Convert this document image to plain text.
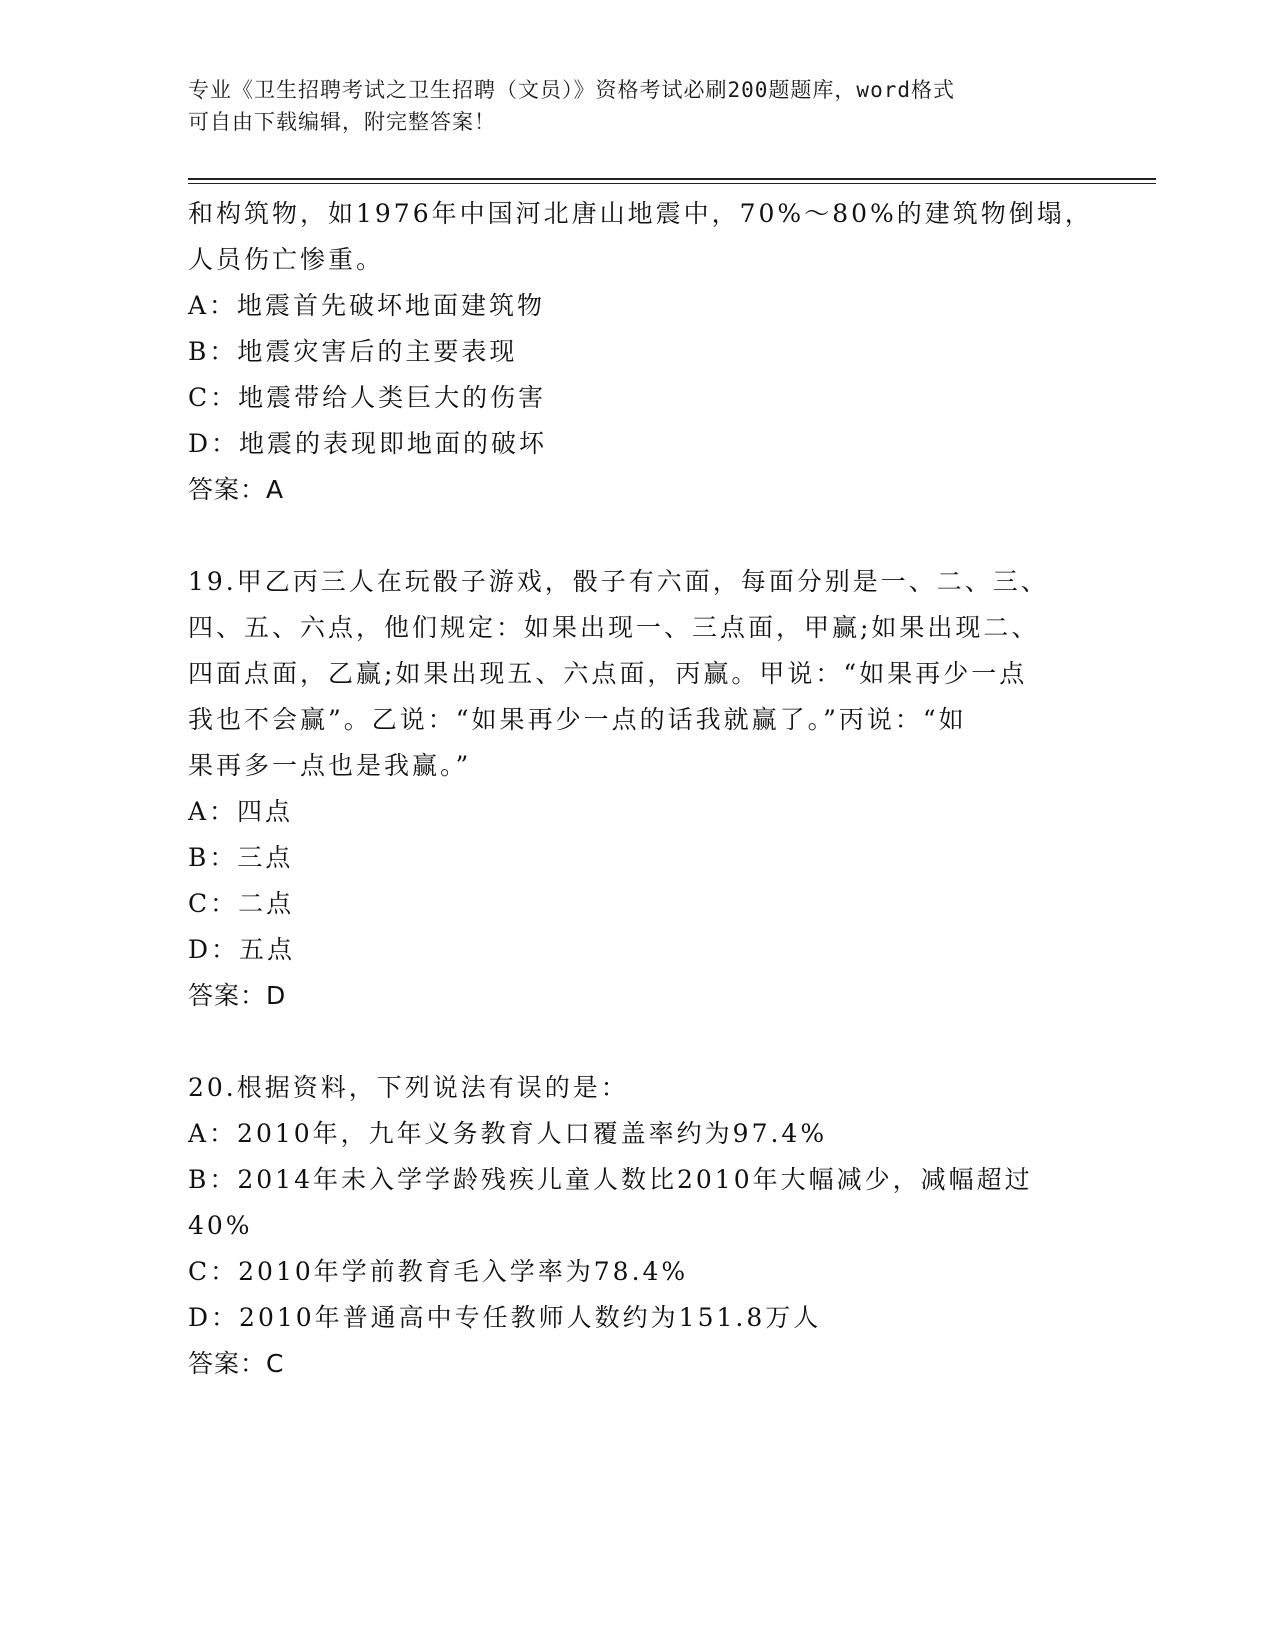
专业《卫生招聘考试之卫生招聘（文员）》资格考试必刷200题题库，word格式
可自由下载编辑，附完整答案！
和构筑物，如1976年中国河北唐山地震中，70%～80%的建筑物倒塌，
人员伤亡惨重。
A：地震首先破坏地面建筑物
B：地震灾害后的主要表现
C：地震带给人类巨大的伤害
D：地震的表现即地面的破坏
答案：A
19.甲乙丙三人在玩骰子游戏，骰子有六面，每面分别是一、二、三、
四、五、六点，他们规定：如果出现一、三点面，甲赢;如果出现二、
四面点面，乙赢;如果出现五、六点面，丙赢。甲说：“如果再少一点
我也不会赢”。乙说：“如果再少一点的话我就赢了。”丙说：“如
果再多一点也是我赢。”
A：四点
B：三点
C：二点
D：五点
答案：D
20.根据资料，下列说法有误的是：
A：2010年，九年义务教育人口覆盖率约为97.4%
B：2014年未入学学龄残疾儿童人数比2010年大幅减少，减幅超过
40%
C：2010年学前教育毛入学率为78.4%
D：2010年普通高中专任教师人数约为151.8万人
答案：C
